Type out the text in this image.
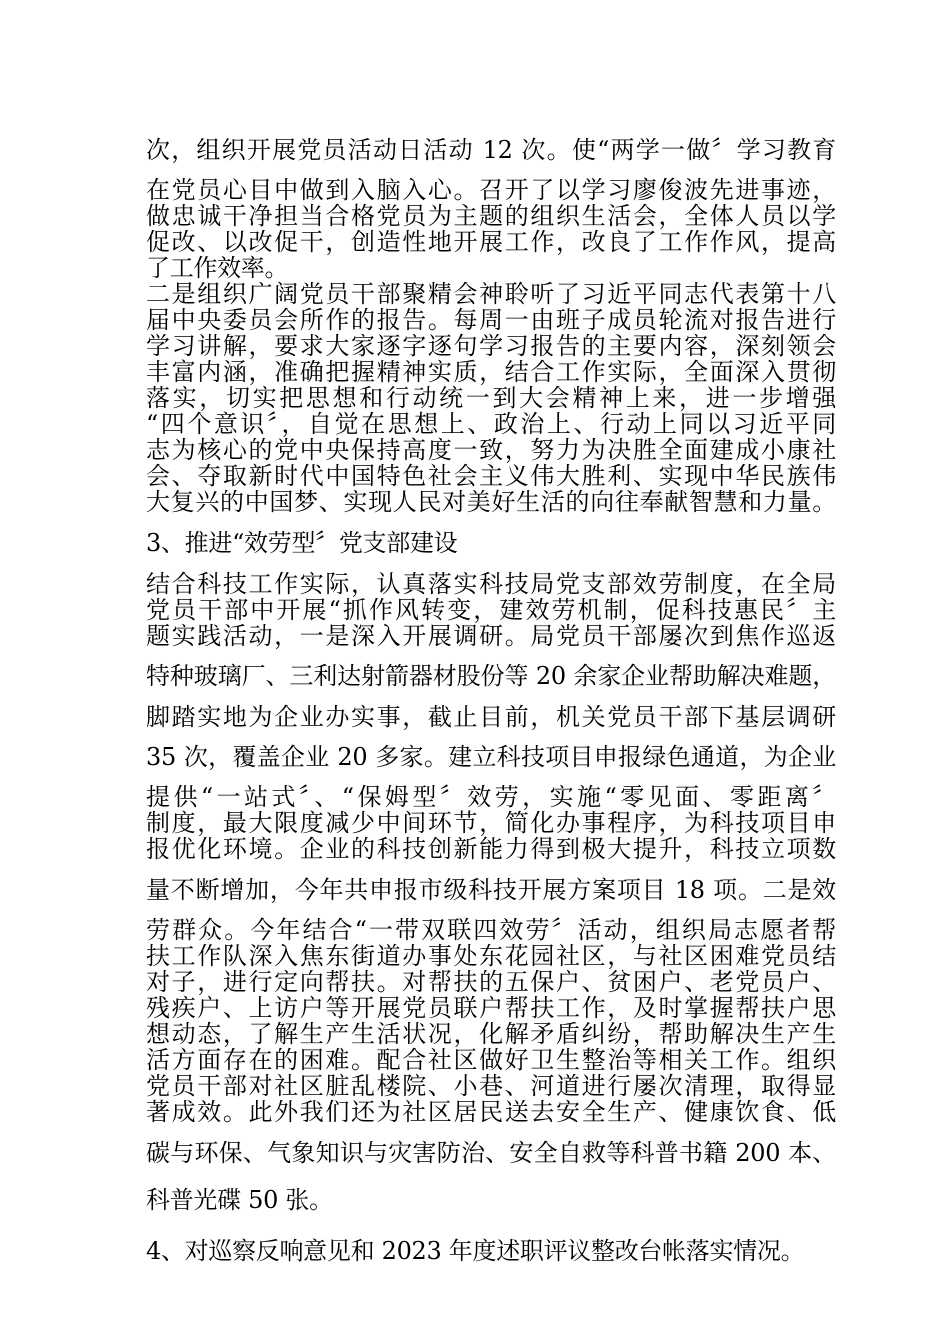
次，组织开展党员活动日活动 12 次。使“两学一做〞学习教育
在党员心目中做到入脑入心。召开了以学习廖俊波先进事迹，
做忠诚干净担当合格党员为主题的组织生活会，全体人员以学
促改、以改促干，创造性地开展工作，改良了工作作风，提高
了工作效率。
二是组织广阔党员干部聚精会神聆听了习近平同志代表第十八
届中央委员会所作的报告。每周一由班子成员轮流对报告进行
学习讲解，要求大家逐字逐句学习报告的主要内容，深刻领会
丰富内涵，准确把握精神实质，结合工作实际，全面深入贯彻
落实，切实把思想和行动统一到大会精神上来，进一步增强
“四个意识〞，自觉在思想上、政治上、行动上同以习近平同
志为核心的党中央保持高度一致，努力为决胜全面建成小康社
会、夺取新时代中国特色社会主义伟大胜利、实现中华民族伟
大复兴的中国梦、实现人民对美好生活的向往奉献智慧和力量。
3、推进“效劳型〞党支部建设
结合科技工作实际，认真落实科技局党支部效劳制度，在全局
党员干部中开展“抓作风转变，建效劳机制，促科技惠民〞主
题实践活动，一是深入开展调研。局党员干部屡次到焦作巡返
特种玻璃厂、三利达射箭器材股份等 20 余家企业帮助解决难题，
脚踏实地为企业办实事，截止目前，机关党员干部下基层调研
35 次，覆盖企业 20 多家。建立科技项目申报绿色通道，为企业
提供“一站式〞、“保姆型〞效劳，实施“零见面、零距离〞
制度，最大限度减少中间环节，简化办事程序，为科技项目申
报优化环境。企业的科技创新能力得到极大提升，科技立项数
量不断增加，今年共申报市级科技开展方案项目 18 项。二是效
劳群众。今年结合“一带双联四效劳〞活动，组织局志愿者帮
扶工作队深入焦东街道办事处东花园社区，与社区困难党员结
对子，进行定向帮扶。对帮扶的五保户、贫困户、老党员户、
残疾户、上访户等开展党员联户帮扶工作，及时掌握帮扶户思
想动态，了解生产生活状况，化解矛盾纠纷，帮助解决生产生
活方面存在的困难。配合社区做好卫生整治等相关工作。组织
党员干部对社区脏乱楼院、小巷、河道进行屡次清理，取得显
著成效。此外我们还为社区居民送去安全生产、健康饮食、低
碳与环保、气象知识与灾害防治、安全自救等科普书籍 200 本、
科普光碟 50 张。
4、对巡察反响意见和 2023 年度述职评议整改台帐落实情况。
